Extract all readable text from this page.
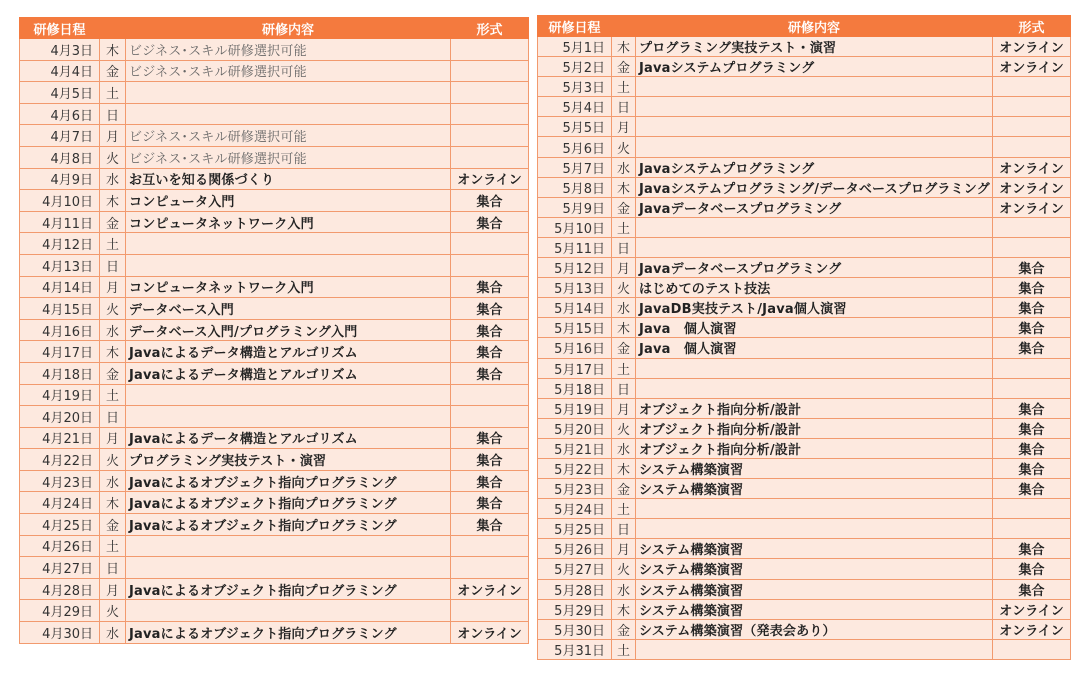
研修日程		研修内容	形式
4月3日	木	ビジネス･スキル研修選択可能	
4月4日	金	ビジネス･スキル研修選択可能	
4月5日	土		
4月6日	日		
4月7日	月	ビジネス･スキル研修選択可能	
4月8日	火	ビジネス･スキル研修選択可能	
4月9日	水	お互いを知る関係づくり	オンライン
4月10日	木	コンピュータ入門	集合
4月11日	金	コンピュータネットワーク入門	集合
4月12日	土		
4月13日	日		
4月14日	月	コンピュータネットワーク入門	集合
4月15日	火	データベース入門	集合
4月16日	水	データベース入門/プログラミング入門	集合
4月17日	木	Javaによるデータ構造とアルゴリズム	集合
4月18日	金	Javaによるデータ構造とアルゴリズム	集合
4月19日	土		
4月20日	日		
4月21日	月	Javaによるデータ構造とアルゴリズム	集合
4月22日	火	プログラミング実技テスト・演習	集合
4月23日	水	Javaによるオブジェクト指向プログラミング	集合
4月24日	木	Javaによるオブジェクト指向プログラミング	集合
4月25日	金	Javaによるオブジェクト指向プログラミング	集合
4月26日	土		
4月27日	日		
4月28日	月	Javaによるオブジェクト指向プログラミング	オンライン
4月29日	火		
4月30日	水	Javaによるオブジェクト指向プログラミング	オンライン
研修日程		研修内容	形式
5月1日	木	プログラミング実技テスト・演習	オンライン
5月2日	金	Javaシステムプログラミング	オンライン
5月3日	土		
5月4日	日		
5月5日	月		
5月6日	火		
5月7日	水	Javaシステムプログラミング	オンライン
5月8日	木	Javaシステムプログラミング/データベースプログラミング	オンライン
5月9日	金	Javaデータベースプログラミング	オンライン
5月10日	土		
5月11日	日		
5月12日	月	Javaデータベースプログラミング	集合
5月13日	火	はじめてのテスト技法	集合
5月14日	水	JavaDB実技テスト/Java個人演習	集合
5月15日	木	Java　個人演習	集合
5月16日	金	Java　個人演習	集合
5月17日	土		
5月18日	日		
5月19日	月	オブジェクト指向分析/設計	集合
5月20日	火	オブジェクト指向分析/設計	集合
5月21日	水	オブジェクト指向分析/設計	集合
5月22日	木	システム構築演習	集合
5月23日	金	システム構築演習	集合
5月24日	土		
5月25日	日		
5月26日	月	システム構築演習	集合
5月27日	火	システム構築演習	集合
5月28日	水	システム構築演習	集合
5月29日	木	システム構築演習	オンライン
5月30日	金	システム構築演習（発表会あり）	オンライン
5月31日	土		
